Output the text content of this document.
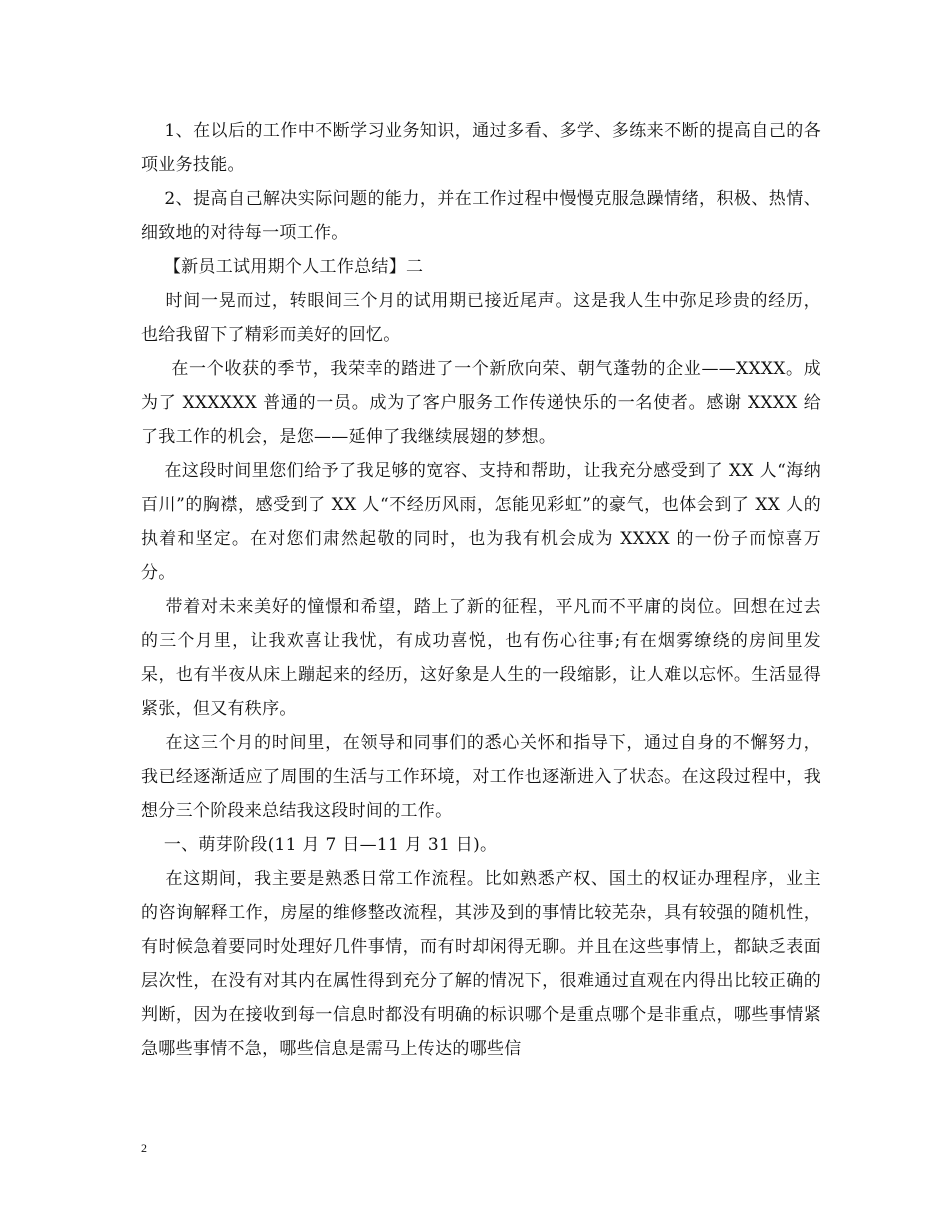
1、在以后的工作中不断学习业务知识，通过多看、多学、多练来不断的提高自己的各项业务技能。

2、提高自己解决实际问题的能力，并在工作过程中慢慢克服急躁情绪，积极、热情、细致地的对待每一项工作。

【新员工试用期个人工作总结】二

时间一晃而过，转眼间三个月的试用期已接近尾声。这是我人生中弥足珍贵的经历，也给我留下了精彩而美好的回忆。

在一个收获的季节，我荣幸的踏进了一个新欣向荣、朝气蓬勃的企业——XXXX。成为了 XXXXXX 普通的一员。成为了客户服务工作传递快乐的一名使者。感谢 XXXX 给了我工作的机会，是您——延伸了我继续展翅的梦想。

在这段时间里您们给予了我足够的宽容、支持和帮助，让我充分感受到了 XX 人“海纳百川”的胸襟，感受到了 XX 人“不经历风雨，怎能见彩虹”的豪气，也体会到了 XX 人的执着和坚定。在对您们肃然起敬的同时，也为我有机会成为 XXXX 的一份子而惊喜万分。

带着对未来美好的憧憬和希望，踏上了新的征程，平凡而不平庸的岗位。回想在过去的三个月里，让我欢喜让我忧，有成功喜悦，也有伤心往事;有在烟雾缭绕的房间里发呆，也有半夜从床上蹦起来的经历，这好象是人生的一段缩影，让人难以忘怀。生活显得紧张，但又有秩序。

在这三个月的时间里，在领导和同事们的悉心关怀和指导下，通过自身的不懈努力，我已经逐渐适应了周围的生活与工作环境，对工作也逐渐进入了状态。在这段过程中，我想分三个阶段来总结我这段时间的工作。

一、萌芽阶段(11 月 7 日—11 月 31 日)。

在这期间，我主要是熟悉日常工作流程。比如熟悉产权、国土的权证办理程序，业主的咨询解释工作，房屋的维修整改流程，其涉及到的事情比较芜杂，具有较强的随机性，有时候急着要同时处理好几件事情，而有时却闲得无聊。并且在这些事情上，都缺乏表面层次性，在没有对其内在属性得到充分了解的情况下，很难通过直观在内得出比较正确的判断，因为在接收到每一信息时都没有明确的标识哪个是重点哪个是非重点，哪些事情紧急哪些事情不急，哪些信息是需马上传达的哪些信

2
